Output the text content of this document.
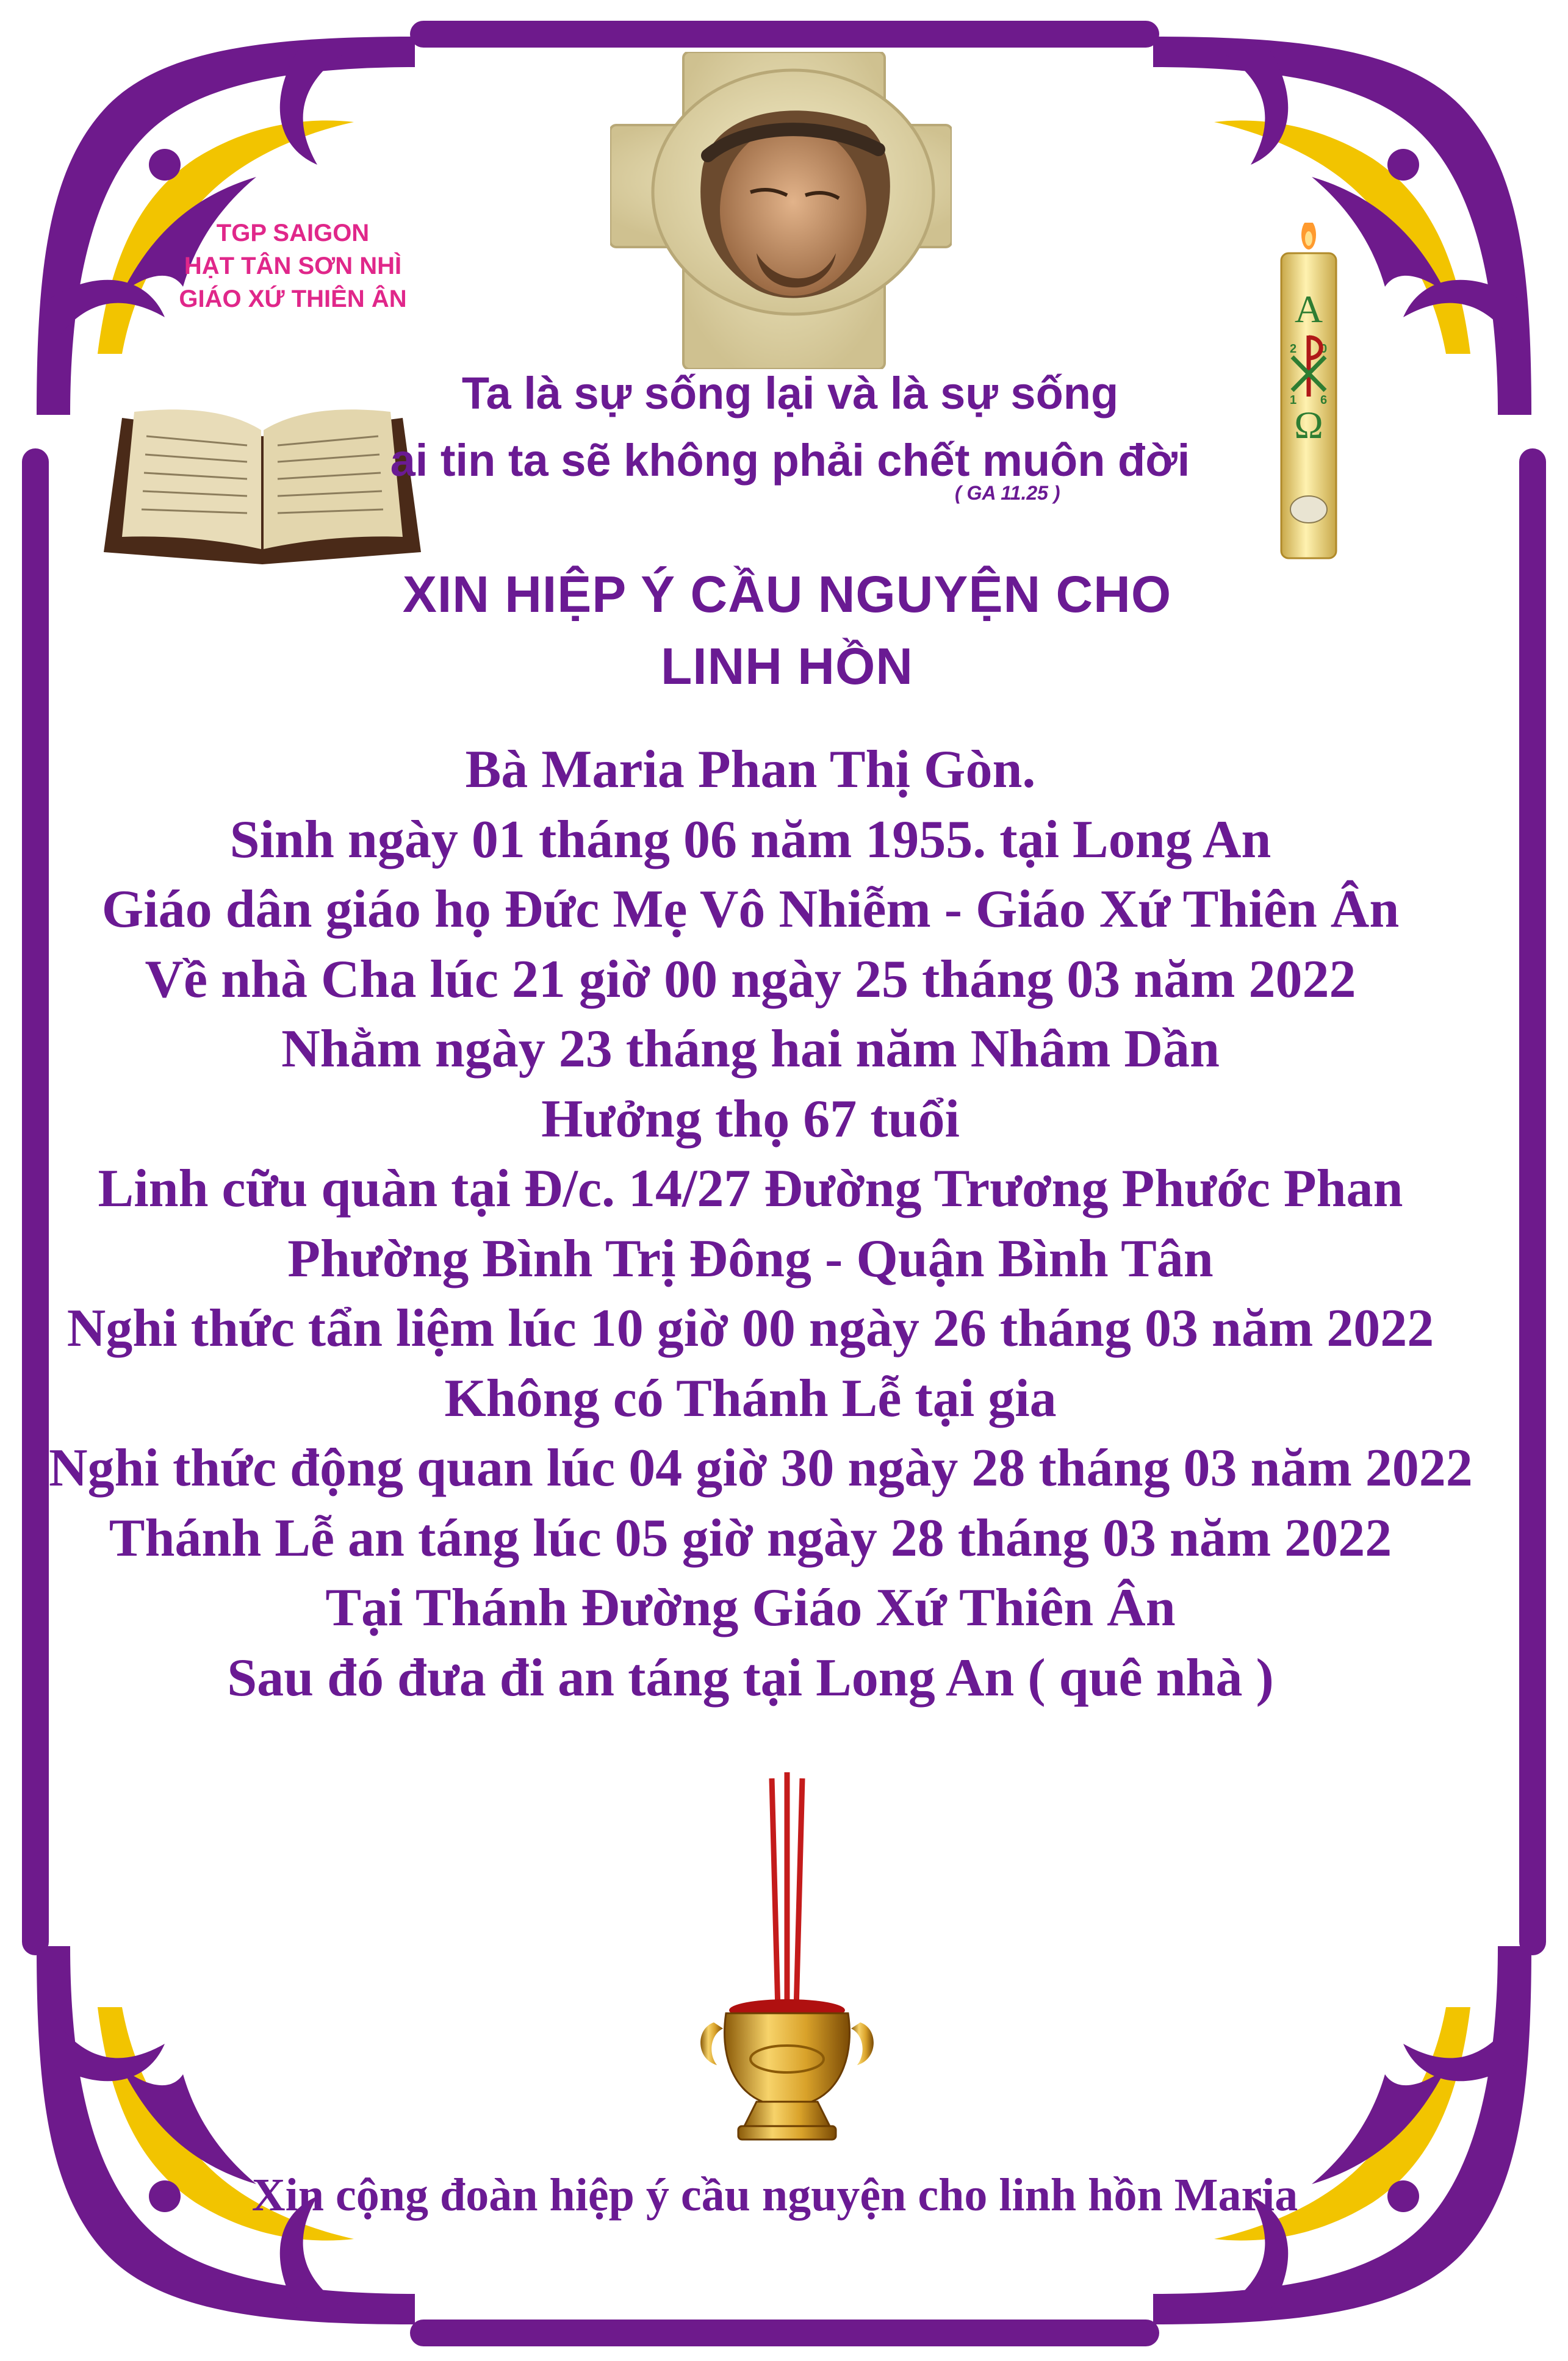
TGP SAIGON
HẠT TÂN SƠN NHÌ
GIÁO XỨ THIÊN ÂN
Ta là sự sống lại và là sự sống
ai tin ta sẽ không phải chết muôn đời
( GA 11.25 )
A
2 0
1 6
Ω
XIN HIỆP Ý CẦU NGUYỆN CHO
LINH HỒN
Bà Maria Phan Thị Gòn.
Sinh ngày 01 tháng 06 năm 1955. tại Long An
Giáo dân giáo họ Đức Mẹ Vô Nhiễm - Giáo Xứ Thiên Ân
Về nhà Cha lúc 21 giờ 00 ngày 25 tháng 03 năm 2022
Nhằm ngày 23 tháng hai năm Nhâm Dần
Hưởng thọ 67 tuổi
Linh cữu quàn tại Đ/c. 14/27 Đường Trương Phước Phan
Phường Bình Trị Đông - Quận Bình Tân
Nghi thức tẩn liệm lúc 10 giờ 00 ngày 26 tháng 03 năm 2022
Không có Thánh Lễ tại gia
Nghi thức động quan lúc 04 giờ 30 ngày 28 tháng 03 năm 2022
Thánh Lễ an táng lúc 05 giờ ngày 28 tháng 03 năm 2022
Tại Thánh Đường Giáo Xứ Thiên Ân
Sau đó đưa đi an táng tại Long An ( quê nhà )
Xin cộng đoàn hiệp ý cầu nguyện cho linh hồn Maria
